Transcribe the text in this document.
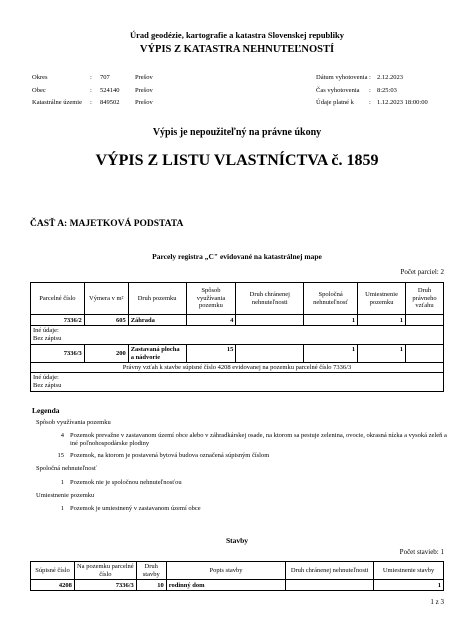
Úrad geodézie, kartografie a katastra Slovenskej republiky
VÝPIS Z KATASTRA NEHNUTEĽNOSTÍ
Okres	: 707	Prešov
Obec	: 524140 Prešov
Katastrálne územie : 849502 Prešov
Dátum vyhotovenia : 2.12.2023
Čas vyhotovenia : 8:25:03
Údaje platné k : 1.12.2023 18:00:00
Výpis je nepoužiteľný na právne úkony
VÝPIS Z LISTU VLASTNÍCTVA č. 1859
ČASŤ A: MAJETKOVÁ PODSTATA
Parcely registra „C" evidované na katastrálnej mape
Počet parciel: 2
Parcelné číslo	Výmera v m²	Druh pozemku	Spôsob využívania pozemku	Druh chránenej nehnuteľnosti	Spoločná nehnuteľnosť	Umiestnenie pozemku	Druh právneho vzťahu
7336/2	605	Záhrada	4		1	1	

Iné údaje:
Bez zápisu							

7336/3	200	Zastavaná plocha a nádvorie	15		1	1	
Právny vzťah k stavbe súpisné číslo 4208 evidovanej na pozemku parcelné číslo 7336/3							

Iné údaje:
Bez zápisu							
Legenda
Spôsob využívania pozemku
4 Pozemok prevažne v zastavanom území obce alebo v záhradkárskej osade, na ktorom sa pestuje zelenina, ovocie, okrasná nízka a vysoká zeleň a iné poľnohospodárske plodiny
15 Pozemok, na ktorom je postavená bytová budova označená súpisným číslom
Spoločná nehnuteľnosť
1 Pozemok nie je spoločnou nehnuteľnosťou
Umiestnenie pozemku
1 Pozemok je umiestnený v zastavanom území obce
Stavby
Počet stavieb: 1
Súpisné číslo	Na pozemku parcelné číslo	Druh stavby	Popis stavby	Druh chránenej nehnuteľnosti	Umiestnenie stavby
4208	7336/3	10	rodinný dom		1
1 z 3
